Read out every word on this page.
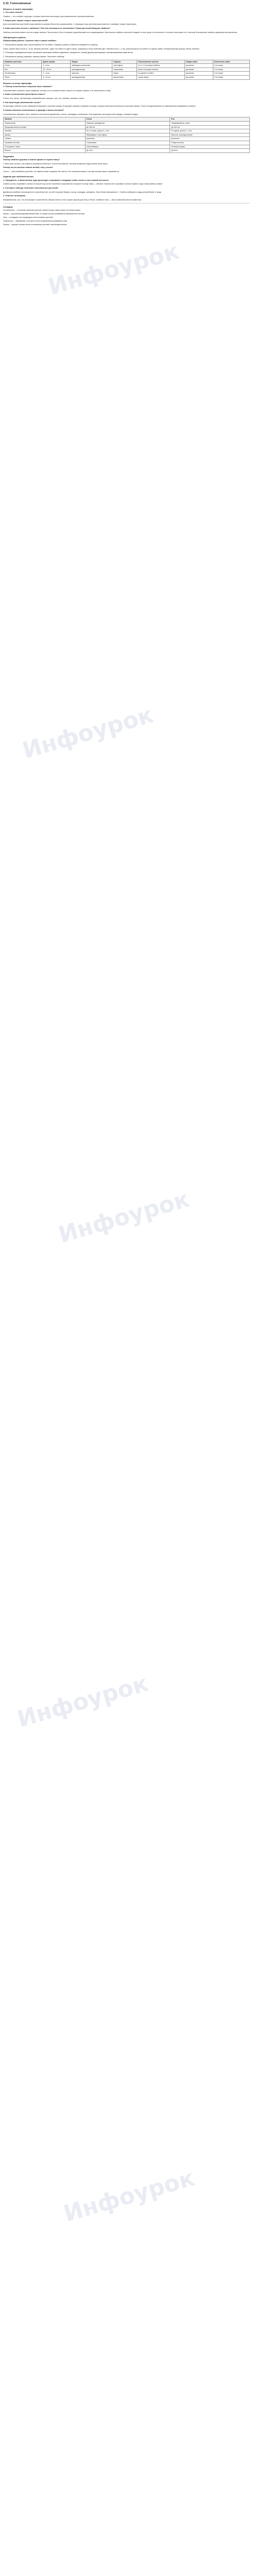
§ 22. Голосеменные
Вопросы в начале параграфа

1. Что такое семена?

Семена — это особые структуры, которые растения используют для размножения и распространения.

2. Какую роль играют спора в жизни растений?

Для голосеменных растений спора является органом бесполого размножения. С помощью спор растения расселяются и занимают новые территории.

3. Какие растения относят к хвойным? Чем они отличаются от лиственных? Какие растений образуют хвойные?

Хвойные растения имеют листья в виде хвоинок. Листья могут быть плоскими, удлинёнными или чешуевидными. Хвоя многих хвойных растений опадает не вся сразу, а постепенно в течение нескольких лет, поэтому большинство хвойных деревьев вечнозеленые.

Лабораторные работы

Лабораторная работа: Строение хвои и шишек хвойных

1. Рассмотрите форму хвои, расположение её на побеге. Измерьте длину и обратите внимание на окраску.

Ответ: Длина хвои сосны 4—6 см, хвоинки жёсткие, сидят на побеге по две в пучке, окрашены в сине-зелёный цвет. Хвоинки ели 2—3 см, располагаются на побеге по одной, имеют четырёхгранную форму, тёмно-зелёные.

2. Пользуясь приведённым ниже описанием признаков хвойных деревьев, определите, какому дереву принадлежит рассматриваемая вами ветка.

3. Рассмотрите форму, размеры, окраску шишек. Заполните таблицу.

Название растения	Длина шишки	Форма	Окраска	Расположение на ветке	Форма семян	Количество семян
Сосна	4—6 см	яйцевидно-коническая	серо-бурая	по 2—3 на концах побегов	крылатые	2 на чешуе
Ель	10—15 см	цилиндрическая	коричневая	висят на концах побегов	крылатые	2 на чешуе
Лиственница	2—3 см	округлая	бурая	по одной на побеге	крылатые	2 на чешуе
Пихта	5—10 см	цилиндрическая	фиолетовая	торчат вверх	крылатые	2 на чешуе
Вопросы в конце параграфа

1. Почему голосеменные получили такое название?

Голосеменные получили такое название, потому что их семена лежат открыто на чешуях шишек, а не заключены в плод.

2. Какие голосеменные растения вы знаете?

Сосна, ель, пихта, лиственница, можжевельник, кипарис, туя, тис, секвойя, саговник, гинкго.

3. Как происходит размножение сосны?

На молодых побегах сосны образуются мужские и женские шишки. В мужских шишках созревает пыльца, которая переносится ветром на женские шишки. После оплодотворения из семязачатков развиваются семена.

4. Каково значение голосеменных в природе и жизни человека?

Голосеменные образуют леса, являются источником древесины, смолы, скипидара, витаминов. Они выделяют кислород и фитонциды, очищают воздух.

Признак	Сосна	Ель
Форма кроны	Широкая, раскидистая	Пирамидальная, узкая
Продолжительность жизни	До 350 лет	До 300 лет
Хвоинки	По 2 в пучке, длина 4—6 см	По одной, длина 2—3 см
Шишки	Яйцевидные, серо-бурые	Висячие, цилиндрические
Семена	Крылатые	Крылатые
Корневая система	Стержневая	Поверхностная
Отношение к свету	Светолюбивая	Теневыносливая
Высота	До 40 м	До 50 м
Подумайте

Почему хвойные деревья в зимнее время не теряют влагу?

У хвои мало устьиц, она покрыта восковым налётом и толстой кутикулой, поэтому испарение воды зимой очень мало.

Почему на ели меньше нижних ветвей, чем у сосны?

Сосна — светолюбивое растение, её нижние ветви отмирают без света. Ель теневыносливая, поэтому нижние ветви сохраняются.

Задания для любознательных

1. Определите, в каком месяце года происходит созревание и опадание семян сосны и ели в вашей местности.

Семена сосны созревают осенью на второй год после опыления, высыпаются из шишек в конце зимы — весной. Семена ели созревают осенью первого года и высыпаются зимой.

2. Составьте таблицу «Значение голосеменных растений».

Древесина хвойных используется в строительстве, из неё получают бумагу, смолу, скипидар, канифоль. Хвоя богата витамином C. Семена сибирского кедра употребляют в пищу.

3. Ответьте на вопросы.

Можжевельник, туя, тис используют в озеленении. Шишки пихты и ели служат кормом для птиц и белок. Хвойные леса — места обитания многих животных.

Словарик

Голосеменные — это высшие семенные растения, семена которых лежат открыто на чешуях шишек.

Шишка — укороченный видоизменённый побег, на чешуях которого развиваются семязачатки или пыльца.

Хвоя — игловидные или чешуевидные листья хвойных растений.

Семязачаток — образование, из которого после оплодотворения развивается семя.

Пыльца — мужские половые клетки голосеменных растений, переносимые ветром.

Инфоурок
Инфоурок
Инфоурок
Инфоурок
Инфоурок
